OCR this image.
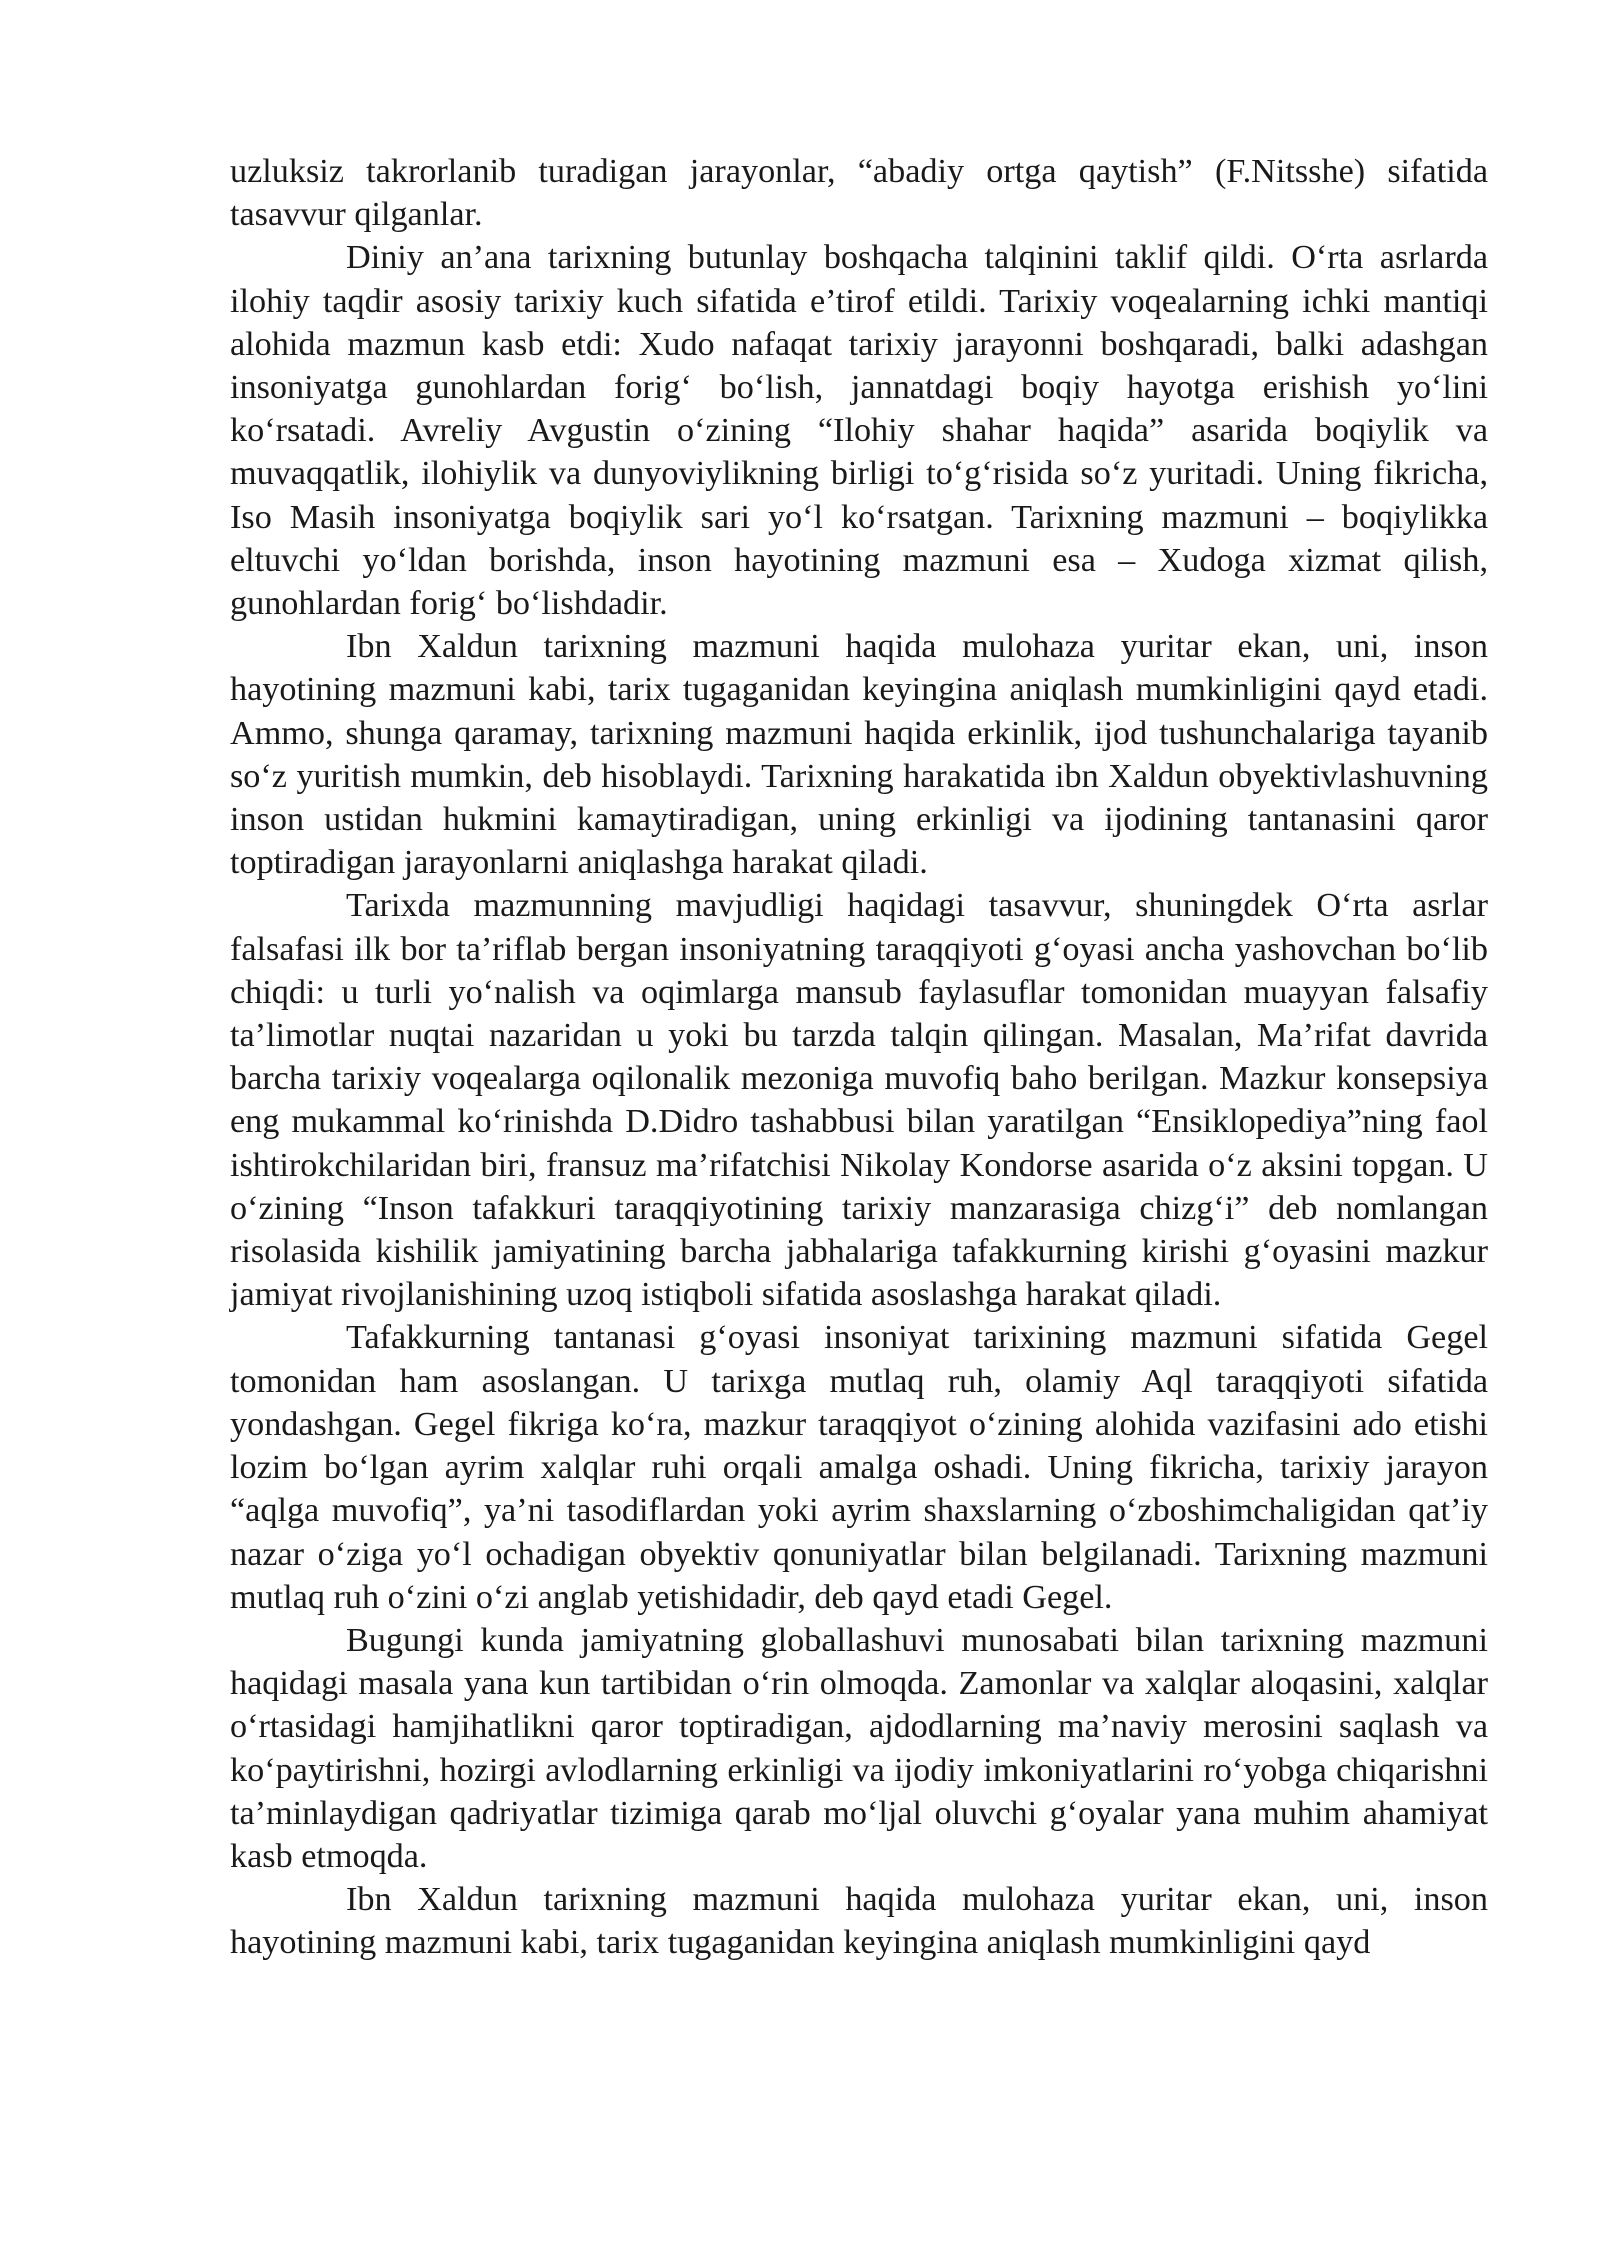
uzluksiz takrorlanib turadigan jarayonlar, “abadiy ortga qaytish” (F.Nitsshe) sifatida tasavvur qilganlar.

Diniy an’ana tarixning butunlay boshqacha talqinini taklif qildi. O‘rta asrlarda ilohiy taqdir asosiy tarixiy kuch sifatida e’tirof etildi. Tarixiy voqealarning ichki mantiqi alohida mazmun kasb etdi: Xudo nafaqat tarixiy jarayonni boshqaradi, balki adashgan insoniyatga gunohlardan forig‘ bo‘lish, jannatdagi boqiy hayotga erishish yo‘lini ko‘rsatadi. Avreliy Avgustin o‘zining “Ilohiy shahar haqida” asarida boqiylik va muvaqqatlik, ilohiylik va dunyoviylikning birligi to‘g‘risida so‘z yuritadi. Uning fikricha, Iso Masih insoniyatga boqiylik sari yo‘l ko‘rsatgan. Tarixning mazmuni – boqiylikka eltuvchi yo‘ldan borishda, inson hayotining mazmuni esa – Xudoga xizmat qilish, gunohlardan forig‘ bo‘lishdadir.

Ibn Xaldun tarixning mazmuni haqida mulohaza yuritar ekan, uni, inson hayotining mazmuni kabi, tarix tugaganidan keyingina aniqlash mumkinligini qayd etadi. Ammo, shunga qaramay, tarixning mazmuni haqida erkinlik, ijod tushunchalariga tayanib so‘z yuritish mumkin, deb hisoblaydi. Tarixning harakatida ibn Xaldun obyektivlashuvning inson ustidan hukmini kamaytiradigan, uning erkinligi va ijodining tantanasini qaror toptiradigan jarayonlarni aniqlashga harakat qiladi.

Tarixda mazmunning mavjudligi haqidagi tasavvur, shuningdek O‘rta asrlar falsafasi ilk bor ta’riflab bergan insoniyatning taraqqiyoti g‘oyasi ancha yashovchan bo‘lib chiqdi: u turli yo‘nalish va oqimlarga mansub faylasuflar tomonidan muayyan falsafiy ta’limotlar nuqtai nazaridan u yoki bu tarzda talqin qilingan. Masalan, Ma’rifat davrida barcha tarixiy voqealarga oqilonalik mezoniga muvofiq baho berilgan. Mazkur konsepsiya eng mukammal ko‘rinishda D.Didro tashabbusi bilan yaratilgan “Ensiklopediya”ning faol ishtirokchilaridan biri, fransuz ma’rifatchisi Nikolay Kondorse asarida o‘z aksini topgan. U o‘zining “Inson tafakkuri taraqqiyotining tarixiy manzarasiga chizg‘i” deb nomlangan risolasida kishilik jamiyatining barcha jabhalariga tafakkurning kirishi g‘oyasini mazkur jamiyat rivojlanishining uzoq istiqboli sifatida asoslashga harakat qiladi.

Tafakkurning tantanasi g‘oyasi insoniyat tarixining mazmuni sifatida Gegel tomonidan ham asoslangan. U tarixga mutlaq ruh, olamiy Aql taraqqiyoti sifatida yondashgan. Gegel fikriga ko‘ra, mazkur taraqqiyot o‘zining alohida vazifasini ado etishi lozim bo‘lgan ayrim xalqlar ruhi orqali amalga oshadi. Uning fikricha, tarixiy jarayon “aqlga muvofiq”, ya’ni tasodiflardan yoki ayrim shaxslarning o‘zboshimchaligidan qat’iy nazar o‘ziga yo‘l ochadigan obyektiv qonuniyatlar bilan belgilanadi. Tarixning mazmuni mutlaq ruh o‘zini o‘zi anglab yetishidadir, deb qayd etadi Gegel.

Bugungi kunda jamiyatning globallashuvi munosabati bilan tarixning mazmuni haqidagi masala yana kun tartibidan o‘rin olmoqda. Zamonlar va xalqlar aloqasini, xalqlar o‘rtasidagi hamjihatlikni qaror toptiradigan, ajdodlarning ma’naviy merosini saqlash va ko‘paytirishni, hozirgi avlodlarning erkinligi va ijodiy imkoniyatlarini ro‘yobga chiqarishni ta’minlaydigan qadriyatlar tizimiga qarab mo‘ljal oluvchi g‘oyalar yana muhim ahamiyat kasb etmoqda.

Ibn Xaldun tarixning mazmuni haqida mulohaza yuritar ekan, uni, inson hayotining mazmuni kabi, tarix tugaganidan keyingina aniqlash mumkinligini qayd
